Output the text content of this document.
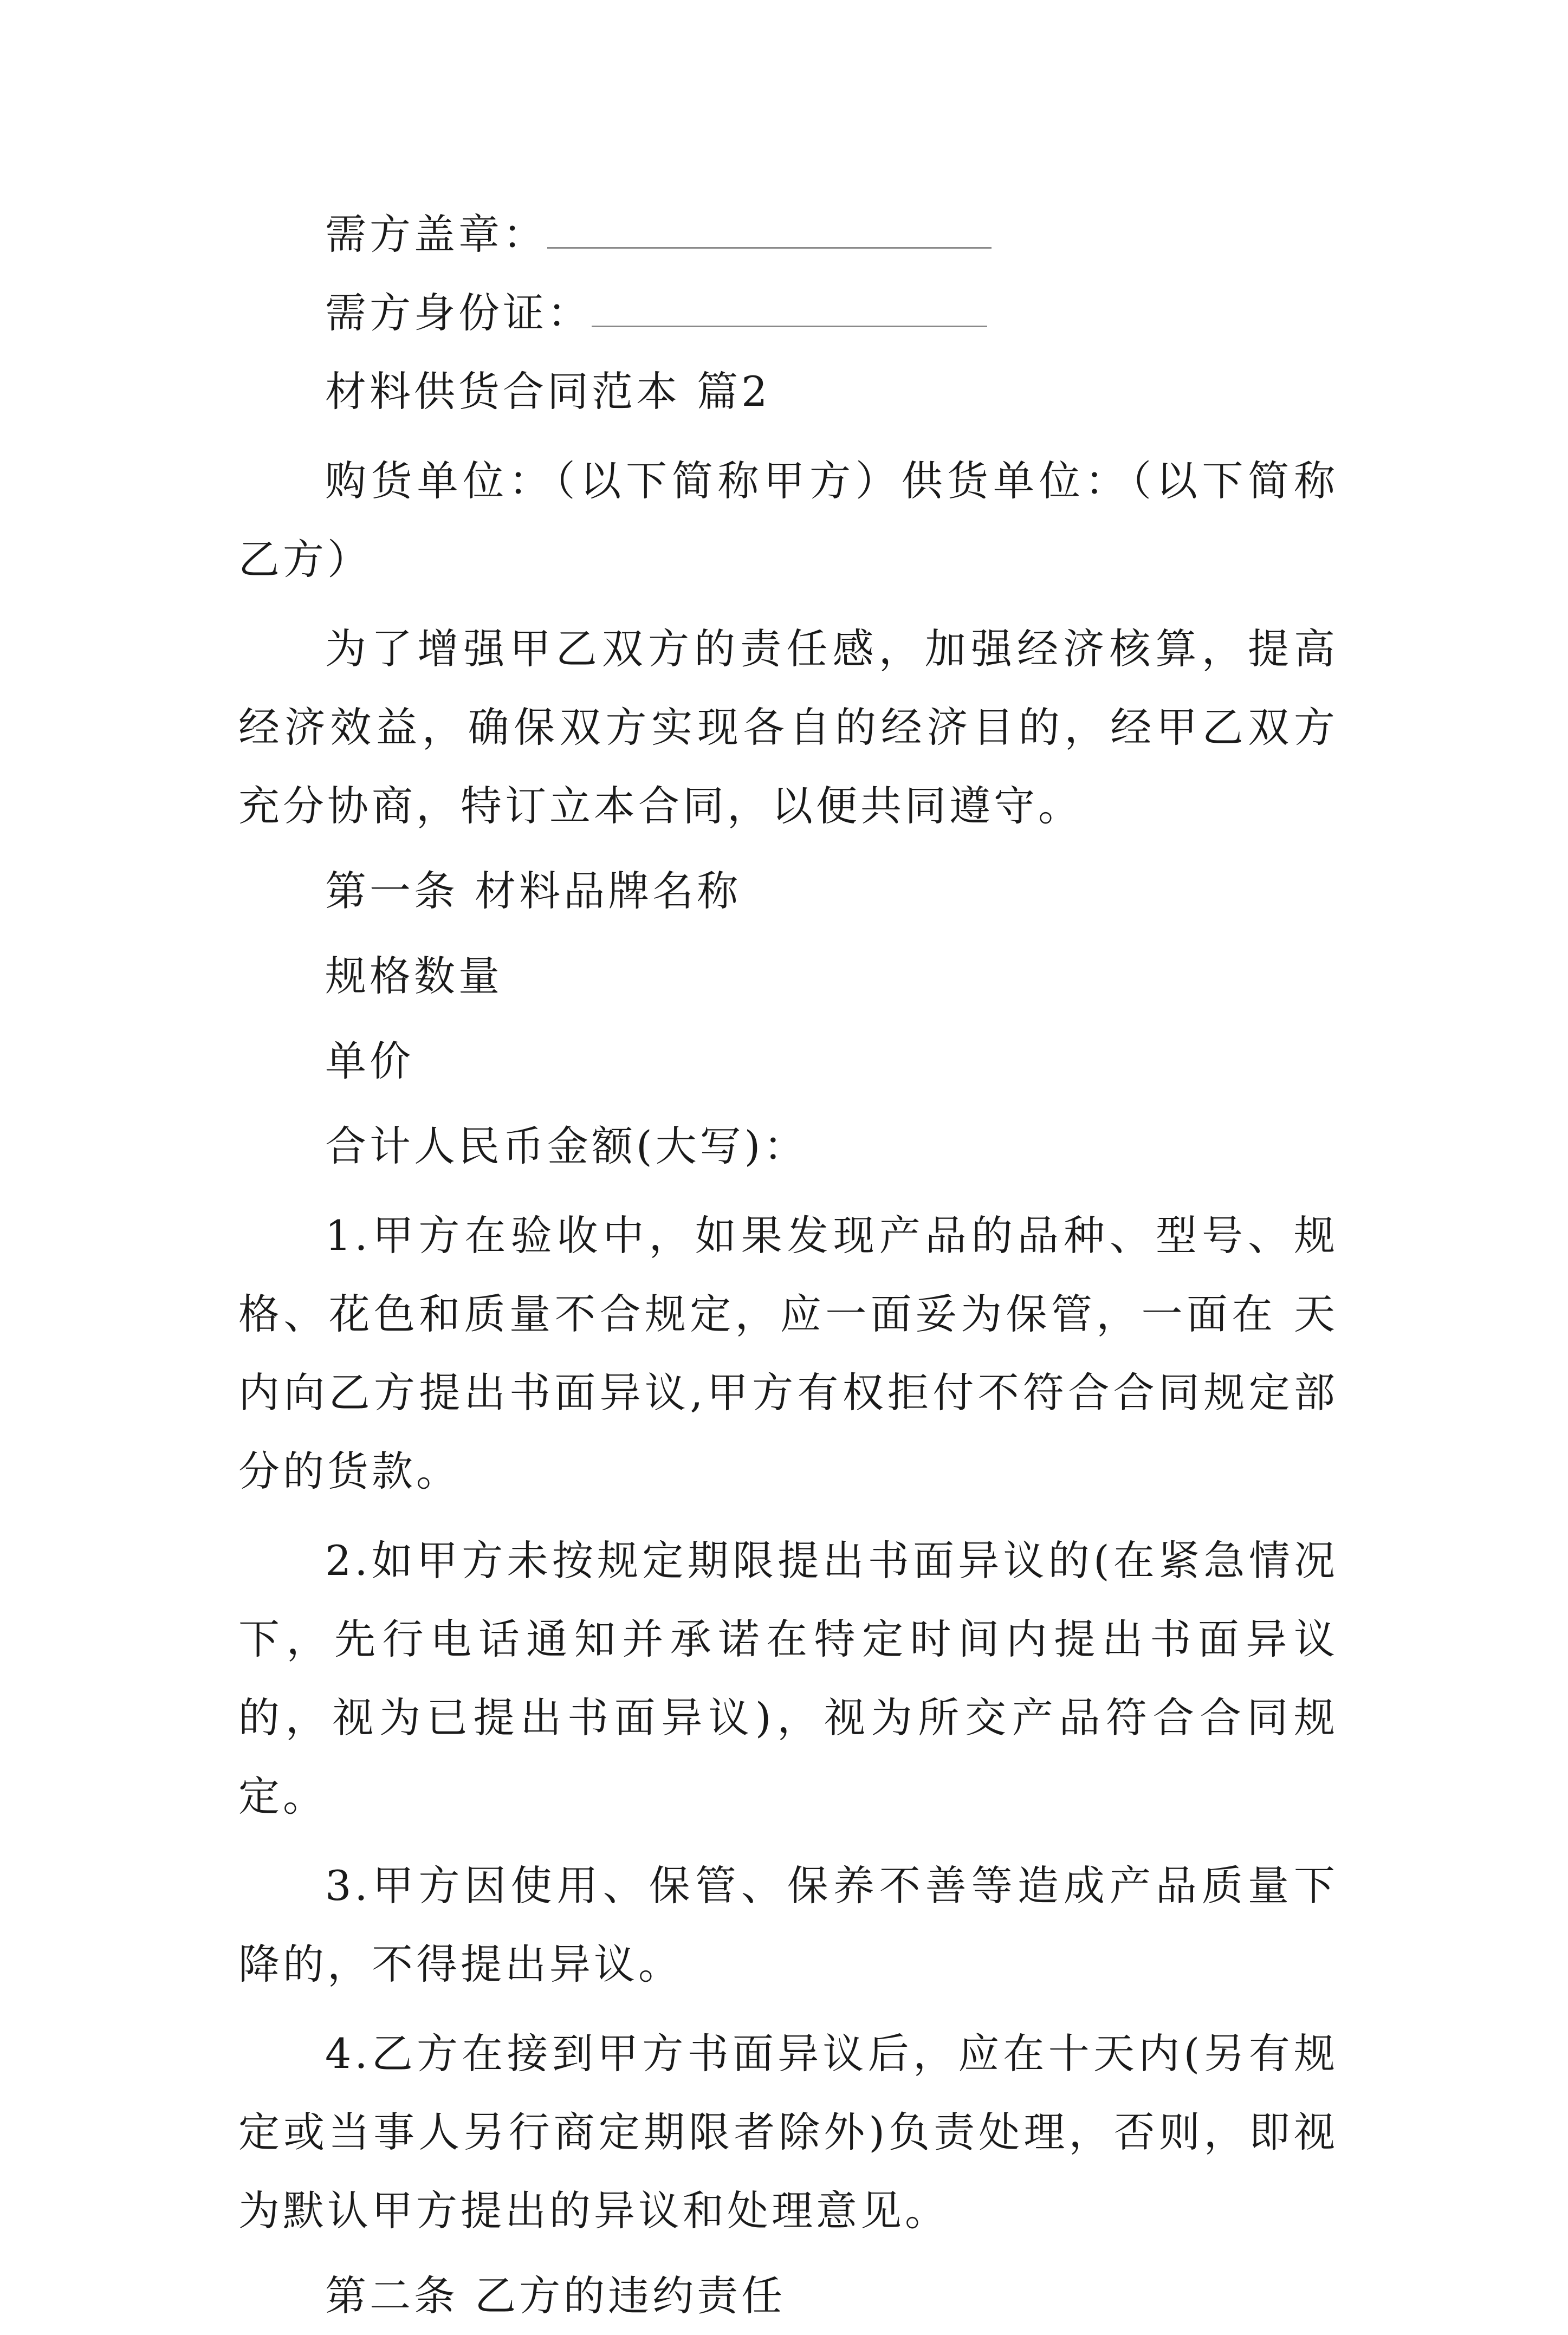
需方盖章：
需方身份证：
材料供货合同范本 篇2
购货单位：（以下简称甲方）供货单位：（以下简称乙方）
为了增强甲乙双方的责任感，加强经济核算，提高经济效益，确保双方实现各自的经济目的，经甲乙双方充分协商，特订立本合同，以便共同遵守。
第一条 材料品牌名称
规格数量
单价
合计人民币金额(大写)：
1.甲方在验收中，如果发现产品的品种、型号、规格、花色和质量不合规定，应一面妥为保管，一面在 天内向乙方提出书面异议,甲方有权拒付不符合合同规定部分的货款。
2.如甲方未按规定期限提出书面异议的(在紧急情况下，先行电话通知并承诺在特定时间内提出书面异议的，视为已提出书面异议)，视为所交产品符合合同规定。
3.甲方因使用、保管、保养不善等造成产品质量下降的，不得提出异议。
4.乙方在接到甲方书面异议后，应在十天内(另有规定或当事人另行商定期限者除外)负责处理，否则，即视为默认甲方提出的异议和处理意见。
第二条 乙方的违约责任
